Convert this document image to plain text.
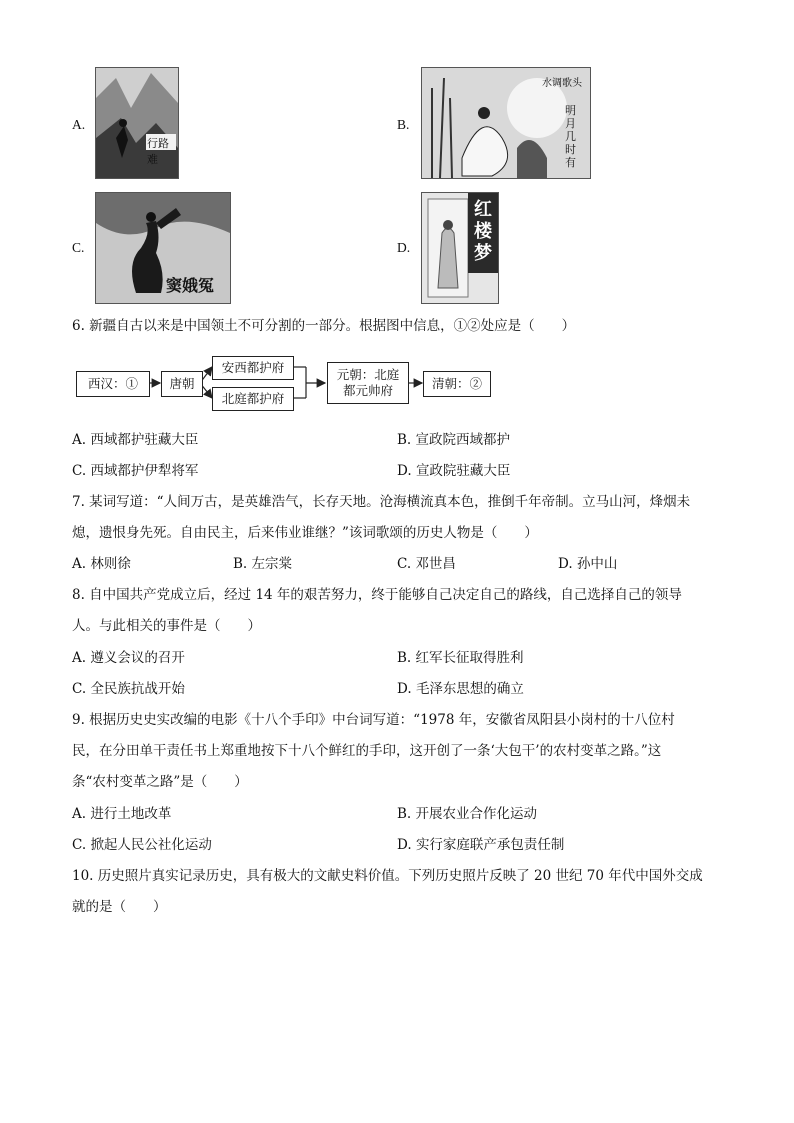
A.
行路难
B.
水调歌头
明月几时有
C.
窦娥冤
D.
红楼梦
6. 新疆自古以来是中国领土不可分割的一部分。根据图中信息，①②处应是（　　）
西汉：①	唐朝
安西都护府
北庭都护府
元朝：北庭
都元帅府	清朝：②
A. 西域都护驻藏大臣	B. 宣政院西域都护
C. 西域都护伊犁将军	D. 宣政院驻藏大臣
7. 某词写道：“人间万古，是英雄浩气，长存天地。沧海横流真本色，推倒千年帝制。立马山河，烽烟未
熄，遗恨身先死。自由民主，后来伟业谁继？”该词歌颂的历史人物是（　　）
A. 林则徐	B. 左宗棠	C. 邓世昌	D. 孙中山
8. 自中国共产党成立后，经过 14 年的艰苦努力，终于能够自己决定自己的路线，自己选择自己的领导
人。与此相关的事件是（　　）
A. 遵义会议的召开	B. 红军长征取得胜利
C. 全民族抗战开始	D. 毛泽东思想的确立
9. 根据历史史实改编的电影《十八个手印》中台词写道：“1978 年，安徽省凤阳县小岗村的十八位村
民，在分田单干责任书上郑重地按下十八个鲜红的手印，这开创了一条‘大包干’的农村变革之路。”这
条“农村变革之路”是（　　）
A. 进行土地改革	B. 开展农业合作化运动
C. 掀起人民公社化运动	D. 实行家庭联产承包责任制
10. 历史照片真实记录历史，具有极大的文献史料价值。下列历史照片反映了 20 世纪 70 年代中国外交成
就的是（　　）
